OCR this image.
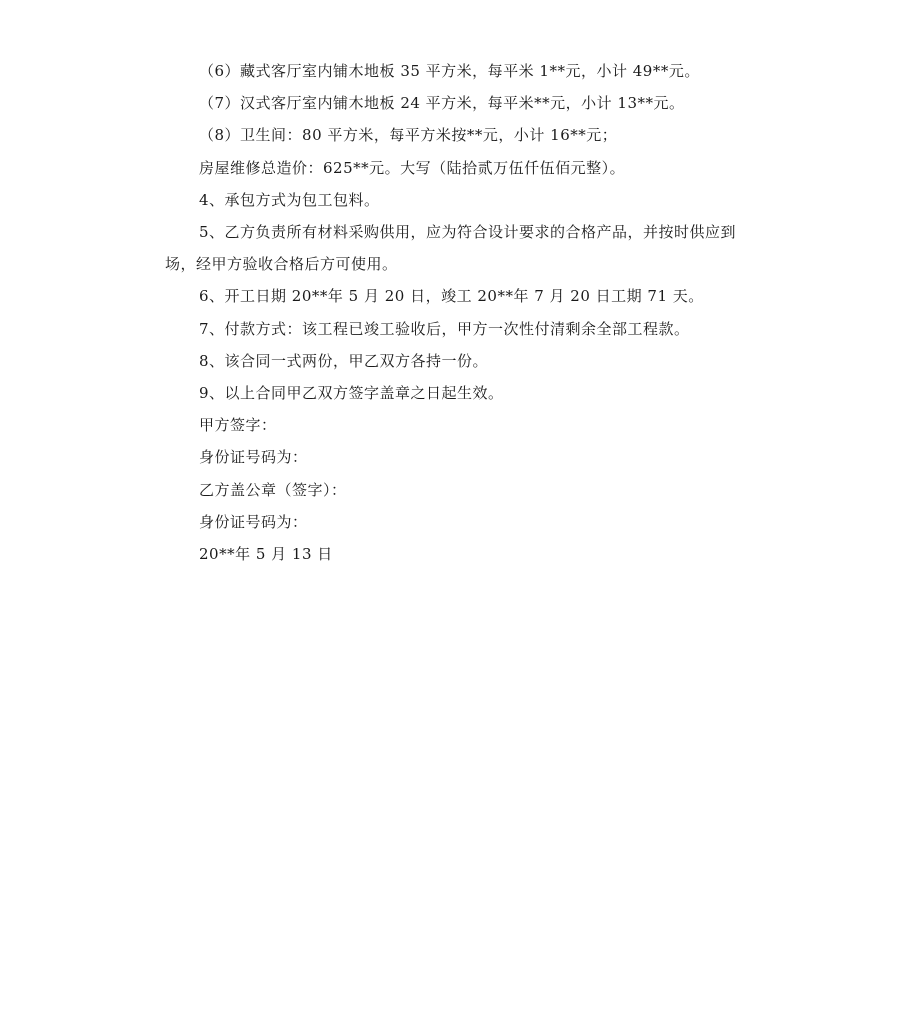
（6）藏式客厅室内铺木地板 35 平方米，每平米 1**元，小计 49**元。

（7）汉式客厅室内铺木地板 24 平方米，每平米**元，小计 13**元。

（8）卫生间：80 平方米，每平方米按**元，小计 16**元；

房屋维修总造价：625**元。大写（陆拾贰万伍仟伍佰元整）。

4、承包方式为包工包料。

5、乙方负责所有材料采购供用，应为符合设计要求的合格产品，并按时供应到场，经甲方验收合格后方可使用。

6、开工日期 20**年 5 月 20 日，竣工 20**年 7 月 20 日工期 71 天。

7、付款方式：该工程已竣工验收后，甲方一次性付清剩余全部工程款。

8、该合同一式两份，甲乙双方各持一份。

9、以上合同甲乙双方签字盖章之日起生效。

甲方签字：

身份证号码为：

乙方盖公章（签字）：

身份证号码为：

20**年 5 月 13 日
